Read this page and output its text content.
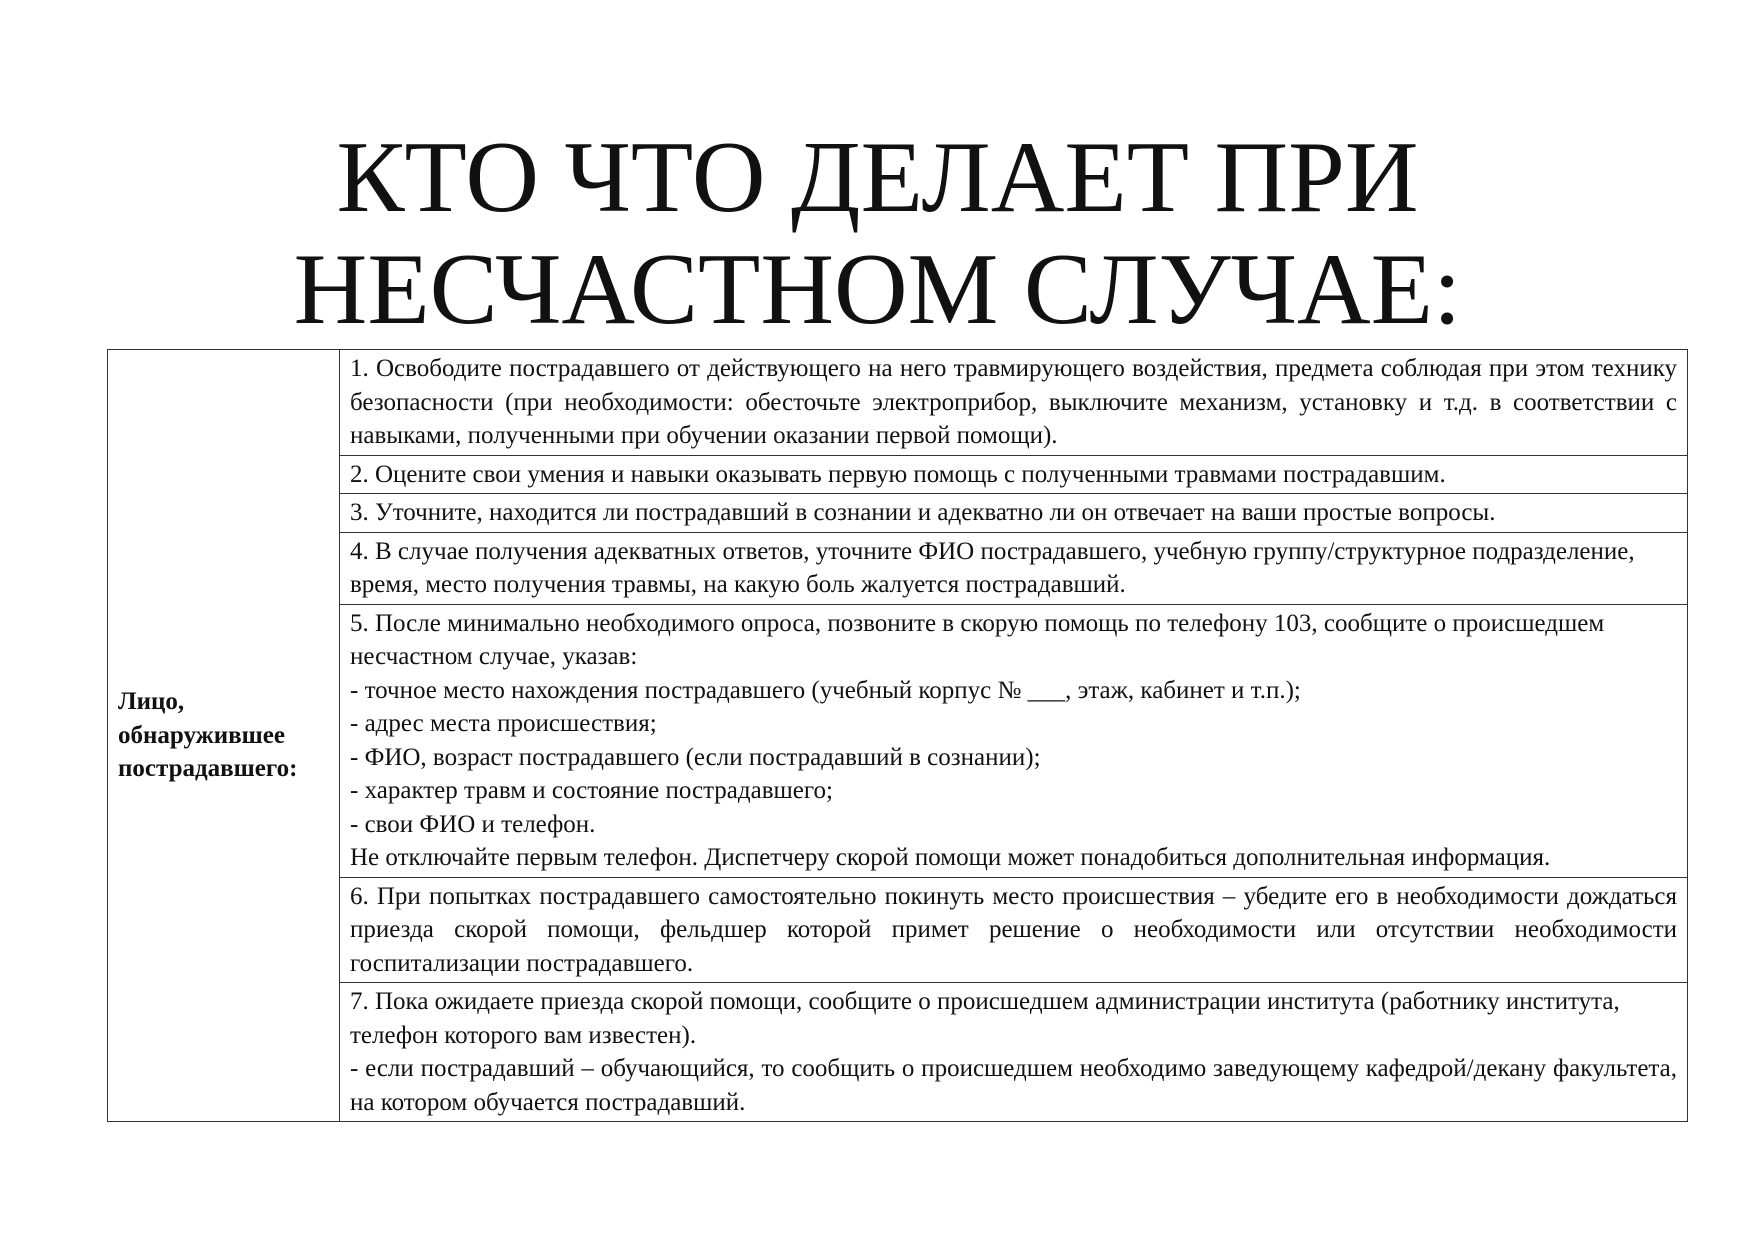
КТО ЧТО ДЕЛАЕТ ПРИ
НЕСЧАСТНОМ СЛУЧАЕ:
Лицо, обнаружившее пострадавшего:	1. Освободите пострадавшего от действующего на него травмирующего воздействия, предмета соблюдая при этом технику безопасности (при необходимости: обесточьте электроприбор, выключите механизм, установку и т.д. в соответствии с навыками, полученными при обучении оказании первой помощи).
2. Оцените свои умения и навыки оказывать первую помощь с полученными травмами пострадавшим.
3. Уточните, находится ли пострадавший в сознании и адекватно ли он отвечает на ваши простые вопросы.
4. В случае получения адекватных ответов, уточните ФИО пострадавшего, учебную группу/структурное подразделение, время, место получения травмы, на какую боль жалуется пострадавший.

5. После минимально необходимого опроса, позвоните в скорую помощь по телефону 103, сообщите о происшедшем несчастном случае, указав:
- точное место нахождения пострадавшего (учебный корпус № ___, этаж, кабинет и т.п.);
- адрес места происшествия;
- ФИО, возраст пострадавшего (если пострадавший в сознании);
- характер травм и состояние пострадавшего;
- свои ФИО и телефон.
Не отключайте первым телефон. Диспетчеру скорой помощи может понадобиться дополнительная информация.

6. При попытках пострадавшего самостоятельно покинуть место происшествия – убедите его в необходимости дождаться приезда скорой помощи, фельдшер которой примет решение о необходимости или отсутствии необходимости госпитализации пострадавшего.

7. Пока ожидаете приезда скорой помощи, сообщите о происшедшем администрации института (работнику института, телефон которого вам известен).
- если пострадавший – обучающийся, то сообщить о происшедшем необходимо заведующему кафедрой/декану факультета, на котором обучается пострадавший.
